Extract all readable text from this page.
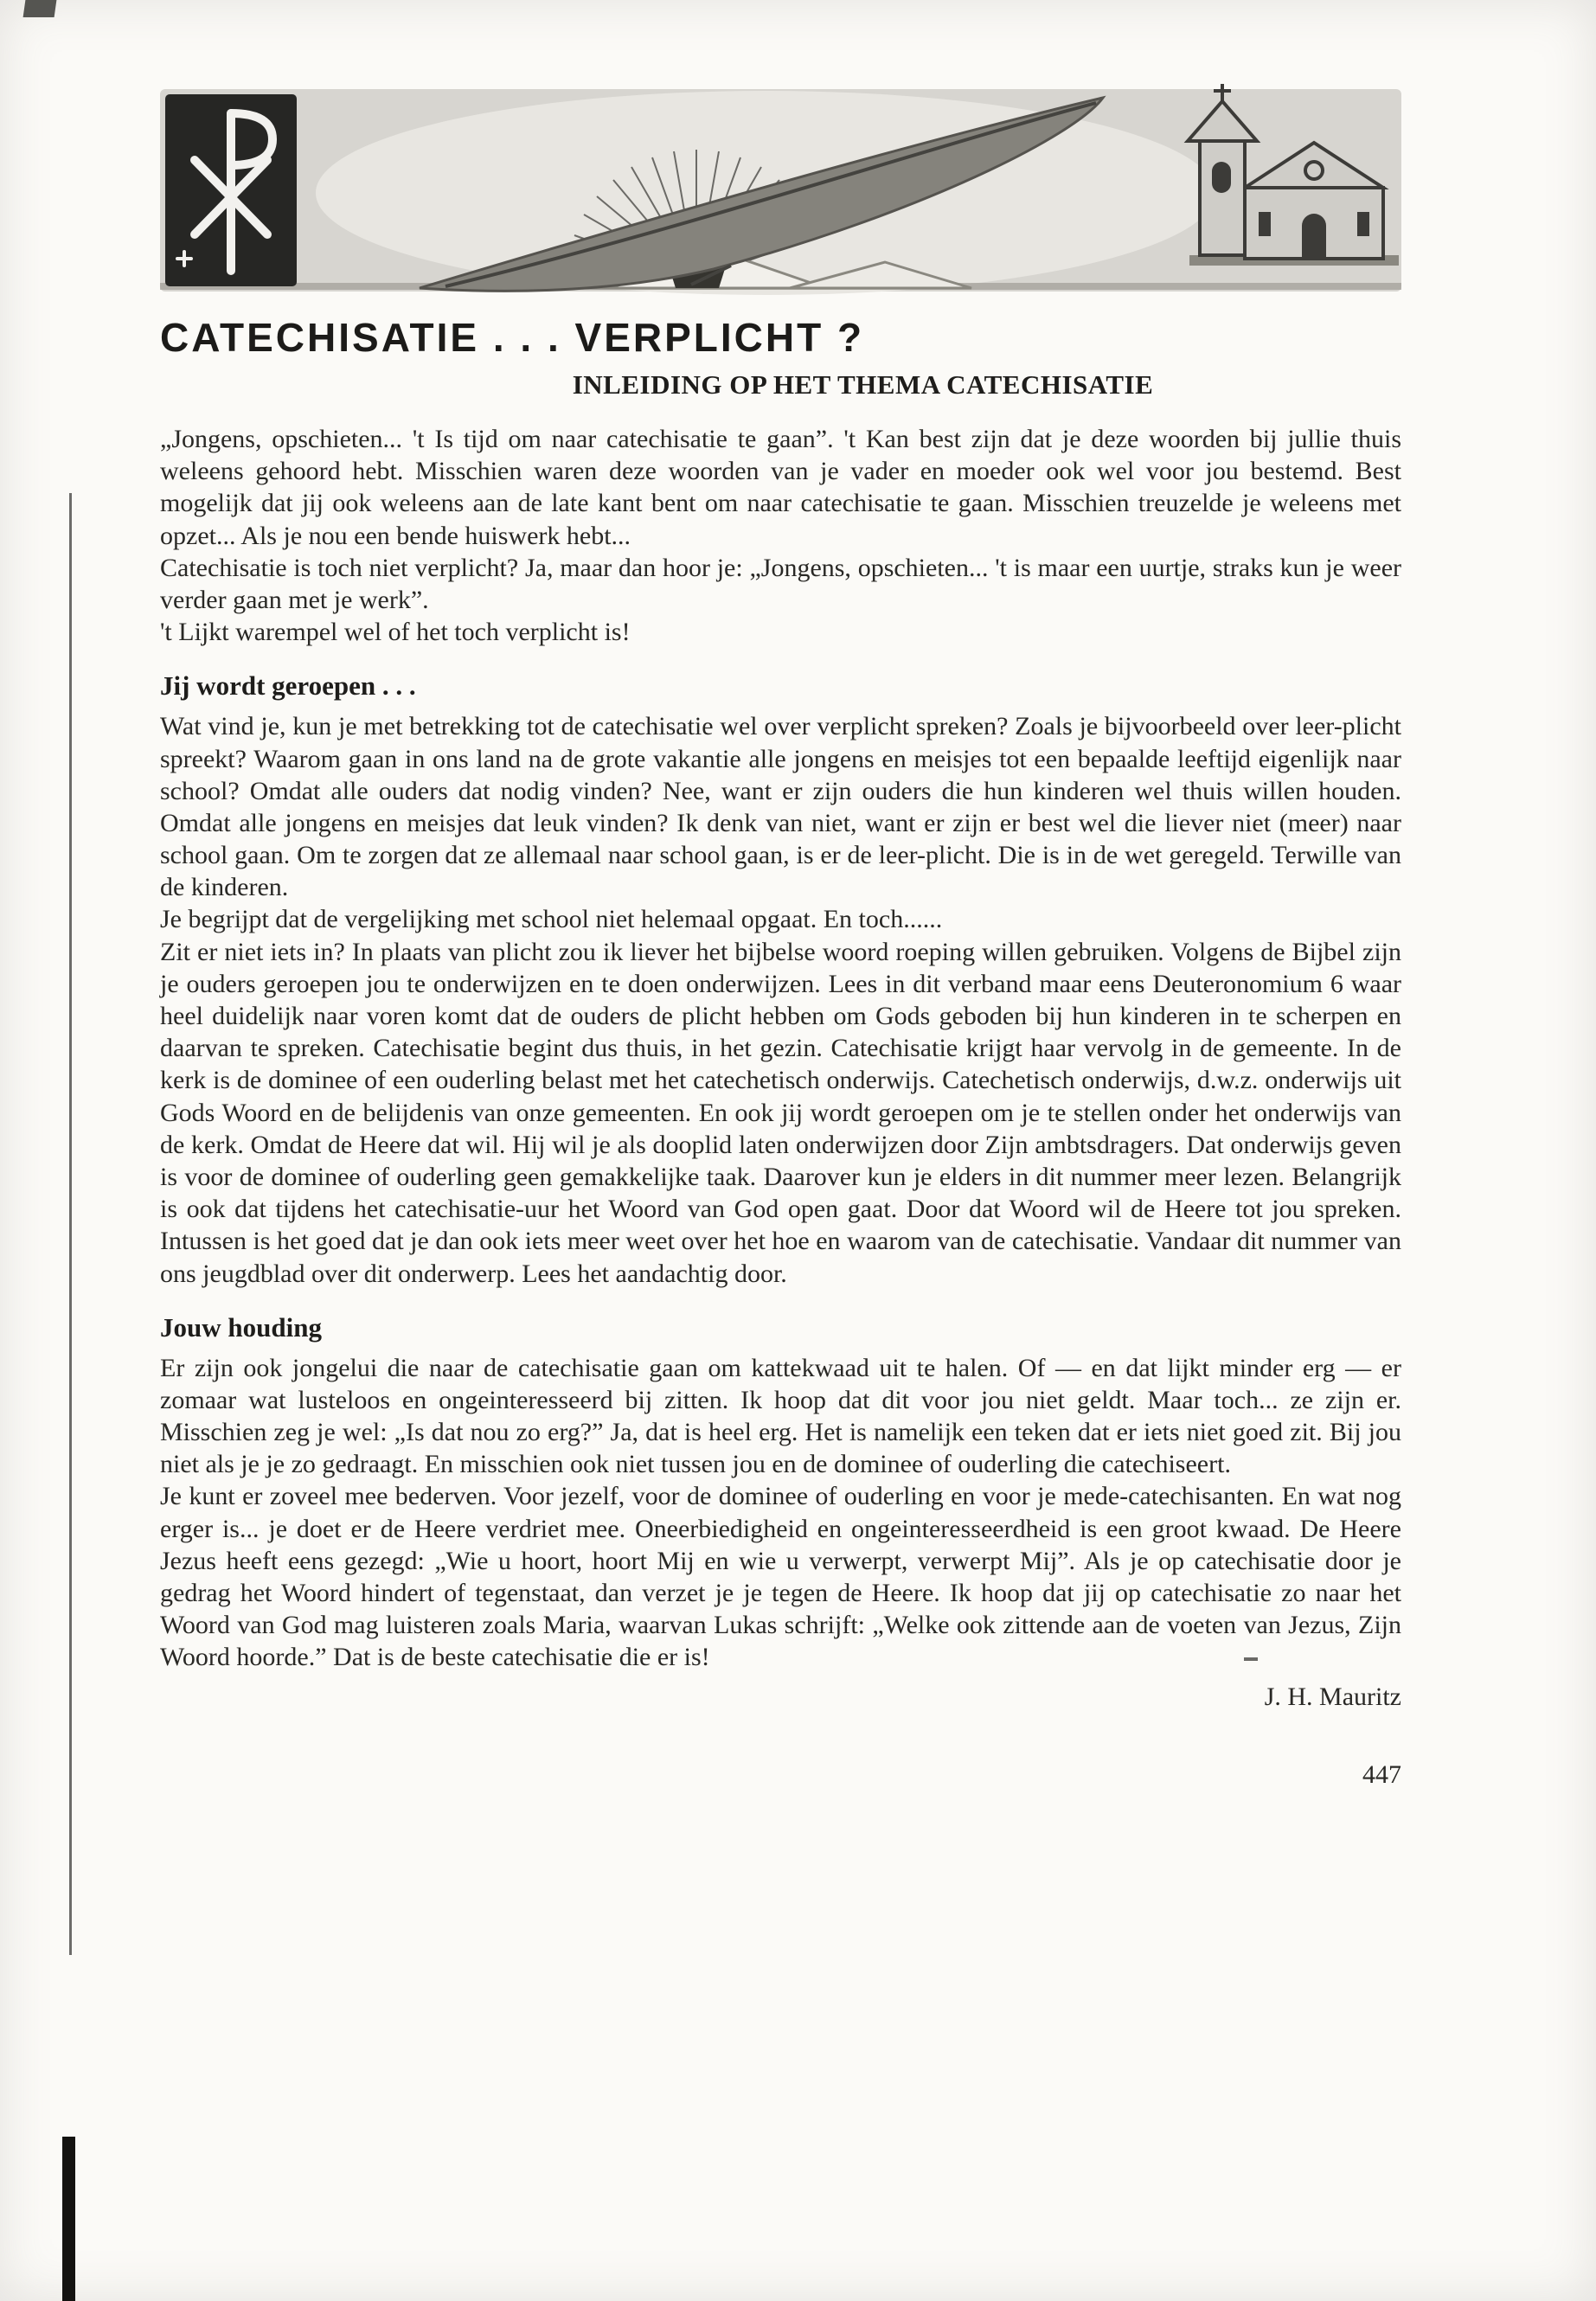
CATECHISATIE . . . VERPLICHT ?
INLEIDING OP HET THEMA CATECHISATIE

„Jongens, opschieten... 't Is tijd om naar catechisatie te gaan”. 't Kan best zijn dat je deze woorden bij jullie thuis weleens gehoord hebt. Misschien waren deze woorden van je vader en moeder ook wel voor jou bestemd. Best mogelijk dat jij ook weleens aan de late kant bent om naar catechisatie te gaan. Misschien treuzelde je weleens met opzet... Als je nou een bende huiswerk hebt...

Catechisatie is toch niet verplicht? Ja, maar dan hoor je: „Jongens, opschieten... 't is maar een uurtje, straks kun je weer verder gaan met je werk”.

't Lijkt warempel wel of het toch verplicht is!

Jij wordt geroepen . . .

Wat vind je, kun je met betrekking tot de catechisatie wel over verplicht spreken? Zoals je bijvoorbeeld over leer-plicht spreekt? Waarom gaan in ons land na de grote vakantie alle jongens en meisjes tot een bepaalde leeftijd eigenlijk naar school? Omdat alle ouders dat nodig vinden? Nee, want er zijn ouders die hun kinderen wel thuis willen houden. Omdat alle jongens en meisjes dat leuk vinden? Ik denk van niet, want er zijn er best wel die liever niet (meer) naar school gaan. Om te zorgen dat ze allemaal naar school gaan, is er de leer-plicht. Die is in de wet geregeld. Terwille van de kinderen.

Je begrijpt dat de vergelijking met school niet helemaal opgaat. En toch......

Zit er niet iets in? In plaats van plicht zou ik liever het bijbelse woord roeping willen gebruiken. Volgens de Bijbel zijn je ouders geroepen jou te onderwijzen en te doen onderwijzen. Lees in dit verband maar eens Deuteronomium 6 waar heel duidelijk naar voren komt dat de ouders de plicht hebben om Gods geboden bij hun kinderen in te scherpen en daarvan te spreken. Catechisatie begint dus thuis, in het gezin. Catechisatie krijgt haar vervolg in de gemeente. In de kerk is de dominee of een ouderling belast met het catechetisch onderwijs. Catechetisch onderwijs, d.w.z. onderwijs uit Gods Woord en de belijdenis van onze gemeenten. En ook jij wordt geroepen om je te stellen onder het onderwijs van de kerk. Omdat de Heere dat wil. Hij wil je als dooplid laten onderwijzen door Zijn ambtsdragers. Dat onderwijs geven is voor de dominee of ouderling geen gemakkelijke taak. Daarover kun je elders in dit nummer meer lezen. Belangrijk is ook dat tijdens het catechisatie-uur het Woord van God open gaat. Door dat Woord wil de Heere tot jou spreken. Intussen is het goed dat je dan ook iets meer weet over het hoe en waarom van de catechisatie. Vandaar dit nummer van ons jeugdblad over dit onderwerp. Lees het aandachtig door.

Jouw houding

Er zijn ook jongelui die naar de catechisatie gaan om kattekwaad uit te halen. Of — en dat lijkt minder erg — er zomaar wat lusteloos en ongeinteresseerd bij zitten. Ik hoop dat dit voor jou niet geldt. Maar toch... ze zijn er. Misschien zeg je wel: „Is dat nou zo erg?” Ja, dat is heel erg. Het is namelijk een teken dat er iets niet goed zit. Bij jou niet als je je zo gedraagt. En misschien ook niet tussen jou en de dominee of ouderling die catechiseert.

Je kunt er zoveel mee bederven. Voor jezelf, voor de dominee of ouderling en voor je mede-catechisanten. En wat nog erger is... je doet er de Heere verdriet mee. Oneerbiedigheid en ongeinteresseerdheid is een groot kwaad. De Heere Jezus heeft eens gezegd: „Wie u hoort, hoort Mij en wie u verwerpt, verwerpt Mij”. Als je op catechisatie door je gedrag het Woord hindert of tegenstaat, dan verzet je je tegen de Heere. Ik hoop dat jij op catechisatie zo naar het Woord van God mag luisteren zoals Maria, waarvan Lukas schrijft: „Welke ook zittende aan de voeten van Jezus, Zijn Woord hoorde.” Dat is de beste catechisatie die er is!

J. H. Mauritz
447
